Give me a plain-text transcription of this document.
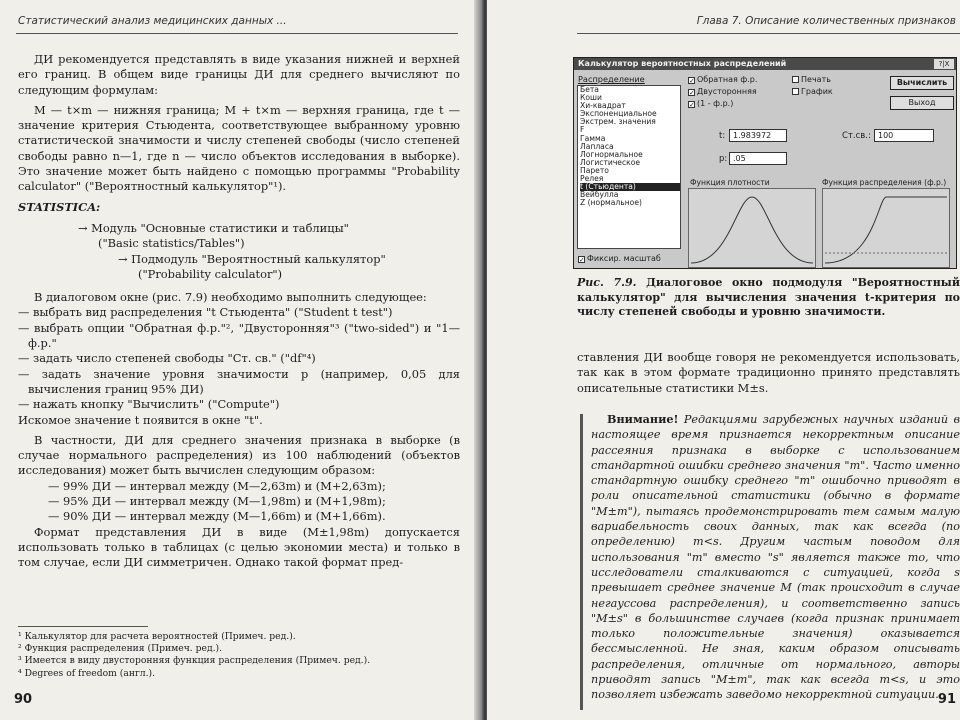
Статистический анализ медицинских данных ...

ДИ рекомендуется представлять в виде указания нижней и верхней его границ. В общем виде границы ДИ для среднего вычисляют по следующим формулам:

M — t×m — нижняя граница; M + t×m — верхняя граница, где t — значение критерия Стьюдента, соответствующее выбранному уровню статистической значимости и числу степеней свободы (число степеней свободы равно n—1, где n — число объектов исследования в выборке). Это значение может быть найдено с помощью программы "Probability calculator" ("Вероятностный калькулятор"¹).

STATISTICA:

→ Модуль "Основные статистики и таблицы"

("Basic statistics/Tables")

→ Подмодуль "Вероятностный калькулятор"

("Probability calculator")

В диалоговом окне (рис. 7.9) необходимо выполнить следующее:

— выбрать вид распределения "t Стьюдента" ("Student t test")

— выбрать опции "Обратная ф.р."², "Двусторонняя"³ ("two-sided") и "1— ф.р."

— задать число степеней свободы "Ст. св." ("df"⁴)

— задать значение уровня значимости p (например, 0,05 для вычисления границ 95% ДИ)

— нажать кнопку "Вычислить" ("Compute")

Искомое значение t появится в окне "t".

В частности, ДИ для среднего значения признака в выборке (в случае нормального распределения) из 100 наблюдений (объектов исследования) может быть вычислен следующим образом:

— 99% ДИ — интервал между (M—2,63m) и (M+2,63m);

— 95% ДИ — интервал между (M—1,98m) и (M+1,98m);

— 90% ДИ — интервал между (M—1,66m) и (M+1,66m).

Формат представления ДИ в виде (M±1,98m) допускается использовать только в таблицах (с целью экономии места) и только в том случае, если ДИ симметричен. Однако такой формат пред-

¹ Калькулятор для расчета вероятностей (Примеч. ред.).

² Функция распределения (Примеч. ред.).

³ Имеется в виду двусторонняя функция распределения (Примеч. ред.).

⁴ Degrees of freedom (англ.).

90
Глава 7. Описание количественных признаков
Калькулятор вероятностных распределений	?|X
Распределение
Бета
Коши
Хи-квадрат
Экспоненциальное
Экстрем. значения
F
Гамма
Лапласа
Логнормальное
Логистическое
Парето
Релея
t (Стьюдента)
Вейбулла
Z (нормальное)
✓ Фиксир. масштаб
✓ Обратная ф.р.
✓ Двусторонняя
✓ (1 - ф.р.)
Печать
График
Вычислить
Выход
t: 1.983972
p: .05
Ст.св.: 100
Функция плотности	Функция распределения (ф.р.)
Рис. 7.9. Диалоговое окно подмодуля "Вероятностный калькулятор" для вычисления значения t-критерия по числу степеней свободы и уровню значимости.

ставления ДИ вообще говоря не рекомендуется использовать, так как в этом формате традиционно принято представлять описательные статистики M±s.

Внимание! Редакциями зарубежных научных изданий в настоящее время признается некорректным описание рассеяния признака в выборке с использованием стандартной ошибки среднего значения "m". Часто именно стандартную ошибку среднего "m" ошибочно приводят в роли описательной статистики (обычно в формате "M±m"), пытаясь продемонстрировать тем самым малую вариабельность своих данных, так как всегда (по определению) m<s. Другим частым поводом для использования "m" вместо "s" является также то, что исследователи сталкиваются с ситуацией, когда s превышает среднее значение M (так происходит в случае негауссова распределения), и соответственно запись "M±s" в большинстве случаев (когда признак принимает только положительные значения) оказывается бессмысленной. Не зная, каким образом описывать распределения, отличные от нормального, авторы приводят запись "M±m", так как всегда m<s, и это позволяет избежать заведомо некорректной ситуации. 91
